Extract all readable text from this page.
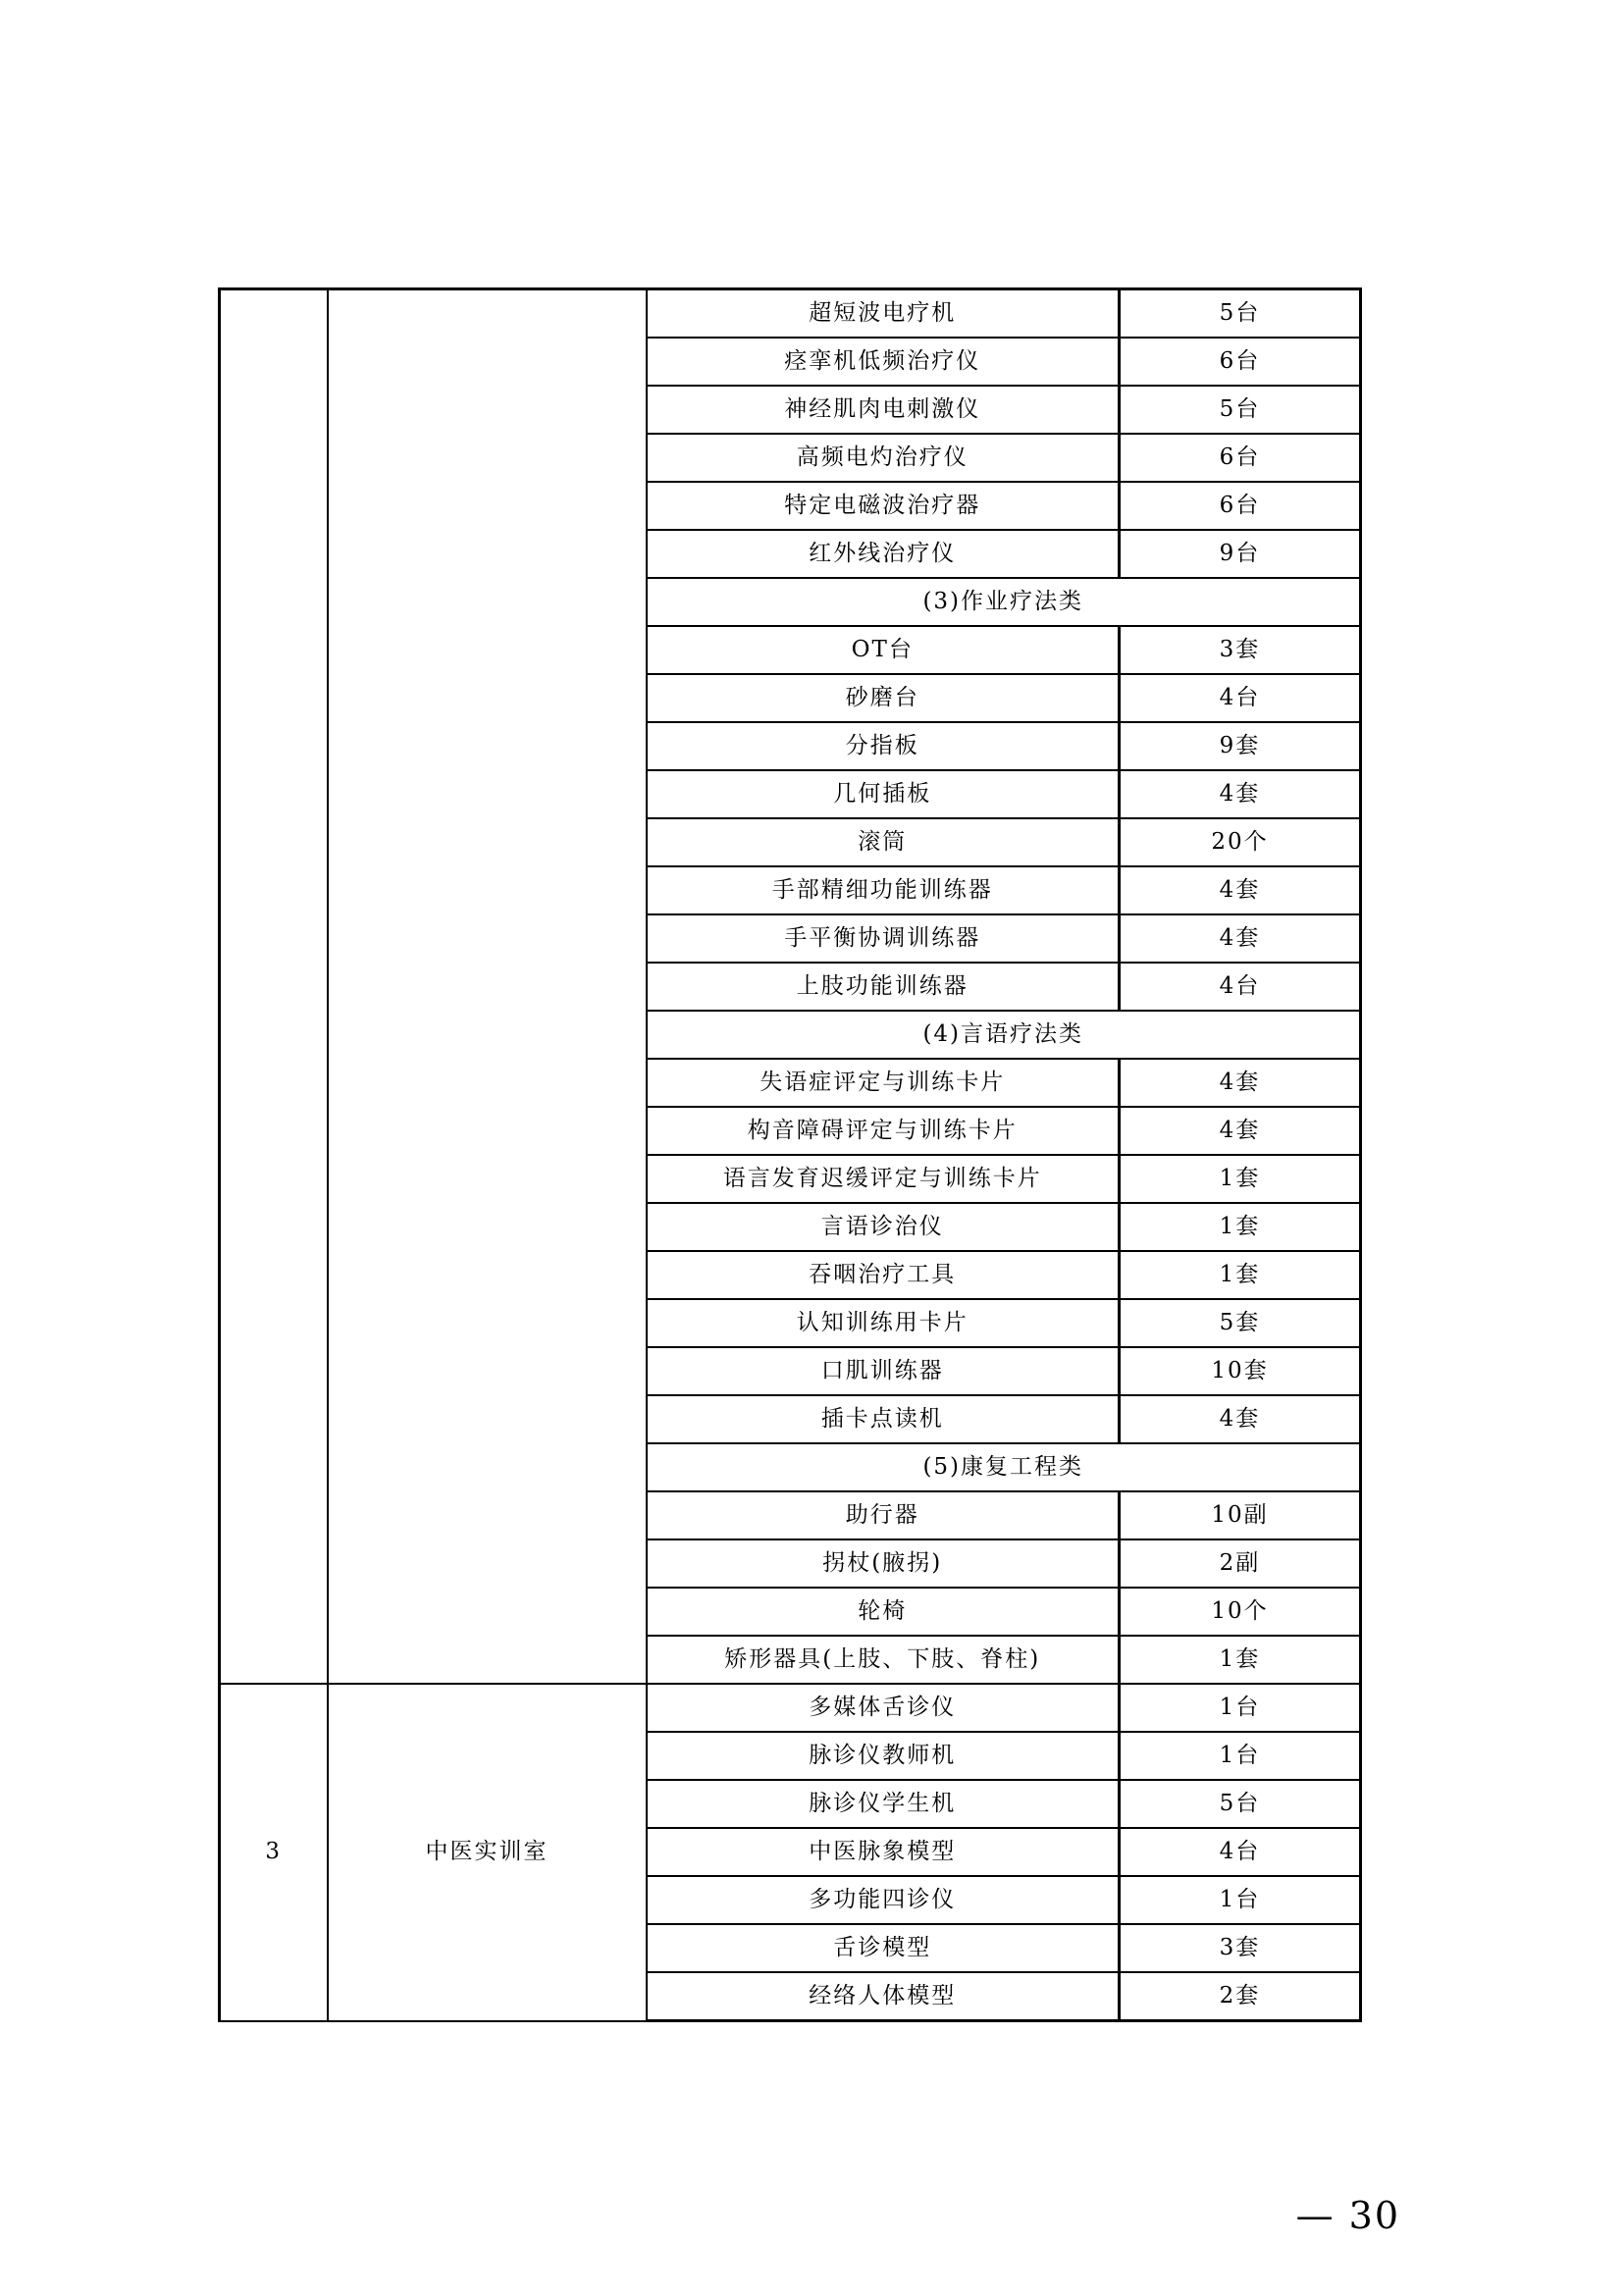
		超短波电疗机	5台
		痉挛机低频治疗仪	6台
		神经肌肉电刺激仪	5台
		高频电灼治疗仪	6台
		特定电磁波治疗器	6台
		红外线治疗仪	9台
		(3)作业疗法类	
		OT台	3套
		砂磨台	4台
		分指板	9套
		几何插板	4套
		滚筒	20个
		手部精细功能训练器	4套
		手平衡协调训练器	4套
		上肢功能训练器	4台
		(4)言语疗法类	
		失语症评定与训练卡片	4套
		构音障碍评定与训练卡片	4套
		语言发育迟缓评定与训练卡片	1套
		言语诊治仪	1套
		吞咽治疗工具	1套
		认知训练用卡片	5套
		口肌训练器	10套
		插卡点读机	4套
		(5)康复工程类	
		助行器	10副
		拐杖(腋拐)	2副
		轮椅	10个
		矫形器具(上肢、下肢、脊柱)	1套
3	中医实训室	多媒体舌诊仪	1台
		脉诊仪教师机	1台
		脉诊仪学生机	5台
		中医脉象模型	4台
		多功能四诊仪	1台
		舌诊模型	3套
		经络人体模型	2套
— 30
